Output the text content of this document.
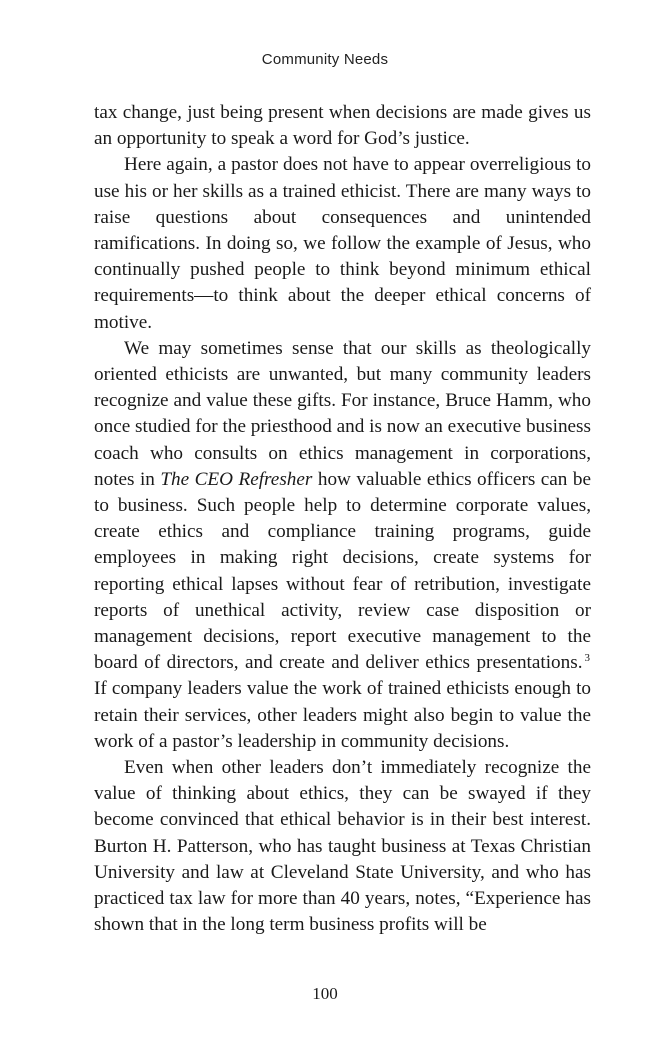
Community Needs

tax change, just being present when decisions are made gives us an opportunity to speak a word for God’s justice.

Here again, a pastor does not have to appear overreligious to use his or her skills as a trained ethicist. There are many ways to raise questions about consequences and unintended ramifications. In doing so, we follow the example of Jesus, who continually pushed people to think beyond minimum ethical requirements—to think about the deeper ethical concerns of motive.

We may sometimes sense that our skills as theologically oriented ethicists are unwanted, but many community leaders recognize and value these gifts. For instance, Bruce Hamm, who once studied for the priesthood and is now an executive business coach who consults on ethics management in corporations, notes in The CEO Refresher how valuable ethics officers can be to business. Such people help to determine corporate values, create ethics and compliance training programs, guide employees in making right decisions, create systems for reporting ethical lapses without fear of retribution, investigate reports of unethical activity, review case disposition or management decisions, report executive management to the board of directors, and create and deliver ethics presentations. $^3$ If company leaders value the work of trained ethicists enough to retain their services, other leaders might also begin to value the work of a pastor’s leadership in community decisions.

Even when other leaders don’t immediately recognize the value of thinking about ethics, they can be swayed if they become convinced that ethical behavior is in their best interest. Burton H. Patterson, who has taught business at Texas Christian University and law at Cleveland State University, and who has practiced tax law for more than 40 years, notes, “Experience has shown that in the long term business profits will be

100
